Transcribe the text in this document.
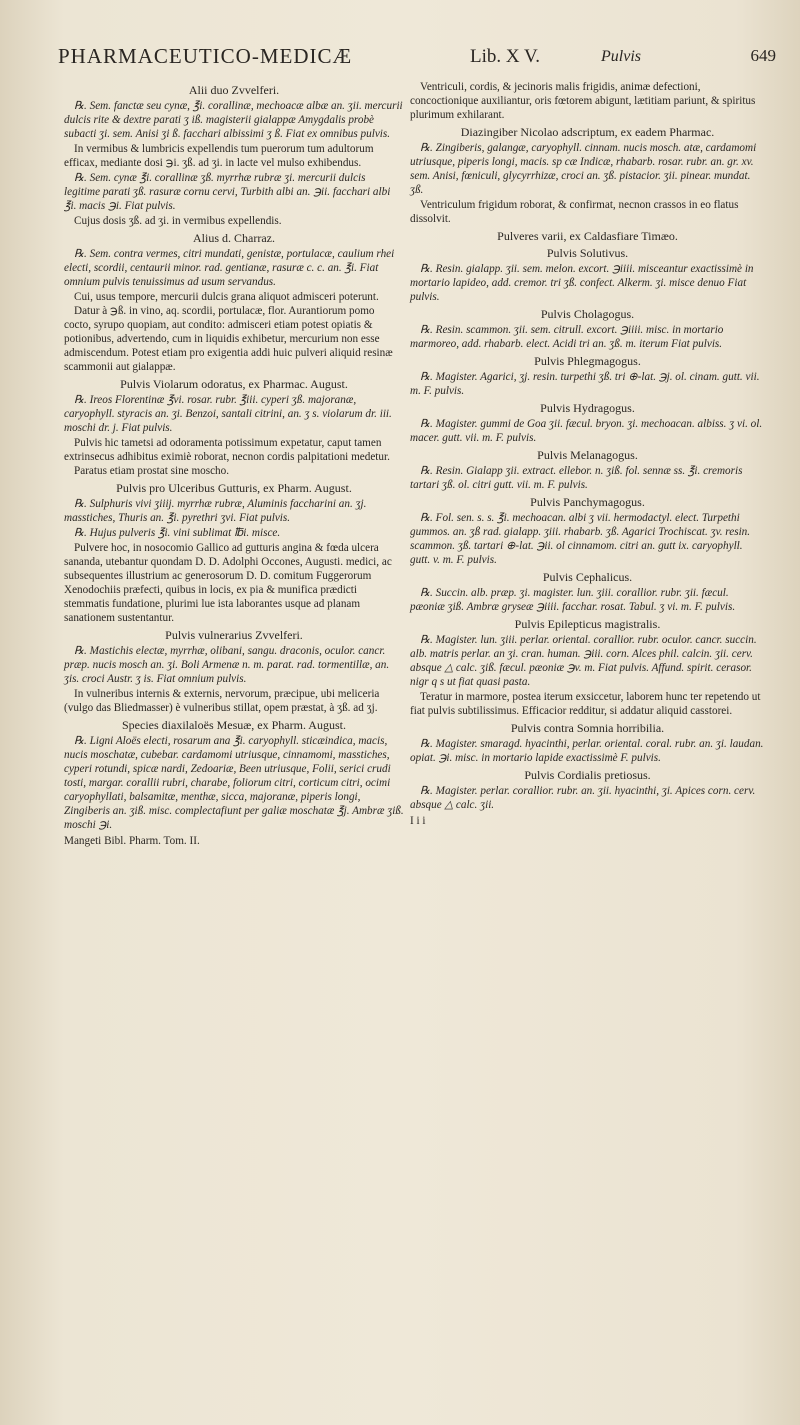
PHARMACEUTICO-MEDICÆ	Lib. X V.	Pulvis	649

Alii duo Zvvelferi.

℞. Sem. fanctæ seu cynæ, ℥i. corallinæ, mechoacæ albæ an. ʒii. mercurii dulcis rite & dextre parati ʒ iß. magisterii gialappæ Amygdalis probè subacti ʒi. sem. Anisi ʒi ß. facchari albissimi ʒ ß. Fiat ex omnibus pulvis.

In vermibus & lumbricis expellendis tum puerorum tum adultorum efficax, mediante dosi ℈i. ʒß. ad ʒi. in lacte vel mulso exhibendus.

℞. Sem. cynæ ℥i. corallinæ ʒß. myrrhæ rubræ ʒi. mercurii dulcis legitime parati ʒß. rasuræ cornu cervi, Turbith albi an. ℈ii. facchari albi ℥i. macis ℈i. Fiat pulvis.

Cujus dosis ʒß. ad ʒi. in vermibus expellendis.

Alius d. Charraz.

℞. Sem. contra vermes, citri mundati, genistæ, portulacæ, caulium rhei electi, scordii, centaurii minor. rad. gentianæ, rasuræ c. c. an. ℥i. Fiat omnium pulvis tenuissimus ad usum servandus.

Cui, usus tempore, mercurii dulcis grana aliquot admisceri poterunt.

Datur à ℈ß. in vino, aq. scordii, portulacæ, flor. Aurantiorum pomo cocto, syrupo quopiam, aut condito: admisceri etiam potest opiatis & potionibus, advertendo, cum in liquidis exhibetur, mercurium non esse admiscendum. Potest etiam pro exigentia addi huic pulveri aliquid resinæ scammonii aut gialappæ.

Pulvis Violarum odoratus, ex Pharmac. August.

℞. Ireos Florentinæ ℥vi. rosar. rubr. ℥iii. cyperi ʒß. majoranæ, caryophyll. styracis an. ʒi. Benzoi, santali citrini, an. ʒ s. violarum dr. iii. moschi dr. j. Fiat pulvis.

Pulvis hic tametsi ad odoramenta potissimum expetatur, caput tamen extrinsecus adhibitus eximiè roborat, necnon cordis palpitationi medetur.

Paratus etiam prostat sine moscho.

Pulvis pro Ulceribus Gutturis, ex Pharm. August.

℞. Sulphuris vivi ʒiiij. myrrhæ rubræ, Aluminis faccharini an. ʒj. masstiches, Thuris an. ℥i. pyrethri ʒvi. Fiat pulvis.

℞. Hujus pulveris ℥i. vini sublimat ℔i. misce.

Pulvere hoc, in nosocomio Gallico ad gutturis angina & fœda ulcera sananda, utebantur quondam D. D. Adolphi Occones, Augusti. medici, ac subsequentes illustrium ac generosorum D. D. comitum Fuggerorum Xenodochiis præfecti, quibus in locis, ex pia & munifica prædicti stemmatis fundatione, plurimi lue ista laborantes usque ad planam sanationem sustentantur.

Pulvis vulnerarius Zvvelferi.

℞. Mastichis electæ, myrrhæ, olibani, sangu. draconis, oculor. cancr. præp. nucis mosch an. ʒi. Boli Armenæ n. m. parat. rad. tormentillæ, an. ʒis. croci Austr. ʒ is. Fiat omnium pulvis.

In vulneribus internis & externis, nervorum, præcipue, ubi meliceria (vulgo das Bliedmasser) è vulneribus stillat, opem præstat, à ʒß. ad ʒj.

Species diaxilaloës Mesuæ, ex Pharm. August.

℞. Ligni Aloës electi, rosarum ana ℥i. caryophyll. sticæindica, macis, nucis moschatæ, cubebar. cardamomi utriusque, cinnamomi, masstiches, cyperi rotundi, spicæ nardi, Zedoariæ, Been utriusque, Folii, serici crudi tosti, margar. corallii rubri, charabe, foliorum citri, corticum citri, ocimi caryophyllati, balsamitæ, menthæ, sicca, majoranæ, piperis longi, Zingiberis an. ʒiß. misc. complectafiunt per galiæ moschatæ ℥j. Ambræ ʒiß. moschi ℈i.

Mangeti Bibl. Pharm. Tom. II.

Ventriculi, cordis, & jecinoris malis frigidis, animæ defectioni, concoctionique auxiliantur, oris fœtorem abigunt, lætitiam pariunt, & spiritus plurimum exhilarant.

Diazingiber Nicolao adscriptum, ex eadem Pharmac.

℞. Zingiberis, galangæ, caryophyll. cinnam. nucis mosch. atæ, cardamomi utriusque, piperis longi, macis. sp cæ Indicæ, rhabarb. rosar. rubr. an. gr. xv. sem. Anisi, fœniculi, glycyrrhizæ, croci an. ʒß. pistacior. ʒii. pinear. mundat. ʒß.

Ventriculum frigidum roborat, & confirmat, necnon crassos in eo flatus dissolvit.

Pulveres varii, ex Caldasfiare Timæo.

Pulvis Solutivus.

℞. Resin. gialapp. ʒii. sem. melon. excort. ℈iiii. misceantur exactissimè in mortario lapideo, add. cremor. tri ʒß. confect. Alkerm. ʒi. misce denuo Fiat pulvis.

Pulvis Cholagogus.

℞. Resin. scammon. ʒii. sem. citrull. excort. ℈iiii. misc. in mortario marmoreo, add. rhabarb. elect. Acidi tri an. ʒß. m. iterum Fiat pulvis.

Pulvis Phlegmagogus.

℞. Magister. Agarici, ʒj. resin. turpethi ʒß. tri ⊕-lat. ℈j. ol. cinam. gutt. vii. m. F. pulvis.

Pulvis Hydragogus.

℞. Magister. gummi de Goa ʒii. fæcul. bryon. ʒi. mechoacan. albiss. ʒ vi. ol. macer. gutt. vii. m. F. pulvis.

Pulvis Melanagogus.

℞. Resin. Gialapp ʒii. extract. ellebor. n. ʒiß. fol. sennæ ss. ℥i. cremoris tartari ʒß. ol. citri gutt. vii. m. F. pulvis.

Pulvis Panchymagogus.

℞. Fol. sen. s. s. ℥i. mechoacan. albi ʒ vii. hermodactyl. elect. Turpethi gummos. an. ʒß rad. gialapp. ʒiii. rhabarb. ʒß. Agarici Trochiscat. ʒv. resin. scammon. ʒß. tartari ⊕-lat. ℈ii. ol cinnamom. citri an. gutt ix. caryophyll. gutt. v. m. F. pulvis.

Pulvis Cephalicus.

℞. Succin. alb. præp. ʒi. magister. lun. ʒiii. corallior. rubr. ʒii. fæcul. pæoniæ ʒiß. Ambræ gryseæ ℈iiii. facchar. rosat. Tabul. ʒ vi. m. F. pulvis.

Pulvis Epilepticus magistralis.

℞. Magister. lun. ʒiii. perlar. oriental. corallior. rubr. oculor. cancr. succin. alb. matris perlar. an ʒi. cran. human. ℈iii. corn. Alces phil. calcin. ʒii. cerv. absque △ calc. ʒiß. fæcul. pæoniæ ℈v. m. Fiat pulvis. Affund. spirit. cerasor. nigr q s ut fiat quasi pasta.

Teratur in marmore, postea iterum exsiccetur, laborem hunc ter repetendo ut fiat pulvis subtilissimus. Efficacior redditur, si addatur aliquid casstorei.

Pulvis contra Somnia horribilia.

℞. Magister. smaragd. hyacinthi, perlar. oriental. coral. rubr. an. ʒi. laudan. opiat. ℈i. misc. in mortario lapide exactissimè F. pulvis.

Pulvis Cordialis pretiosus.

℞. Magister. perlar. corallior. rubr. an. ʒii. hyacinthi, ʒi. Apices corn. cerv. absque △ calc. ʒii.

I i i
